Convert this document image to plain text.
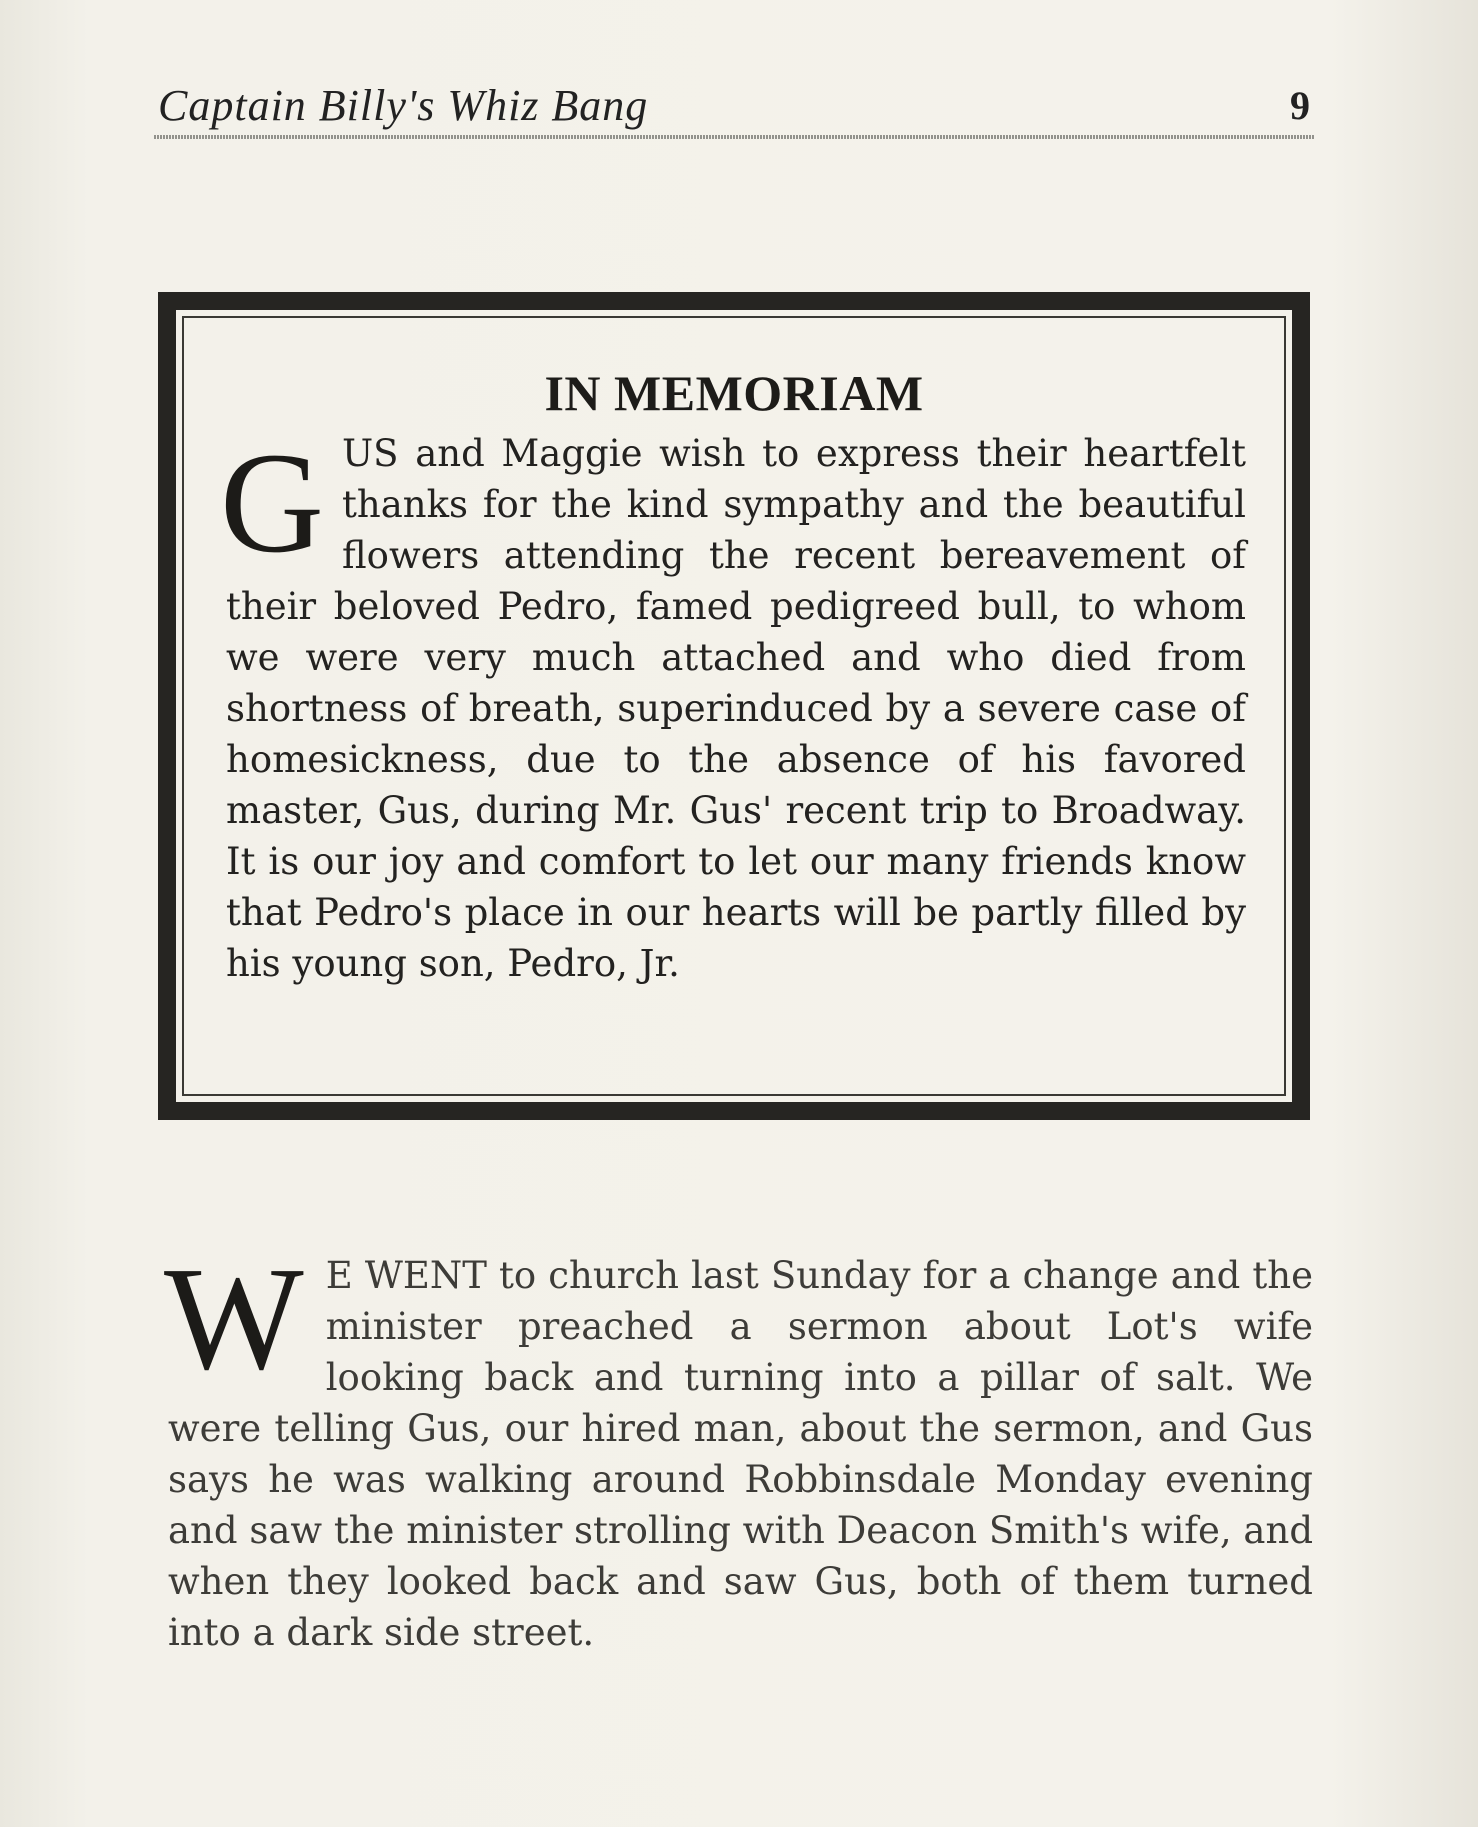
Captain Billy's Whiz Bang	9
IN MEMORIAM
GUS and Maggie wish to express their heartfelt thanks for the kind sympathy and the beautiful flowers attending the recent bereavement of their beloved Pedro, famed pedigreed bull, to whom we were very much attached and who died from shortness of breath, superinduced by a severe case of homesickness, due to the absence of his favored master, Gus, during Mr. Gus' recent trip to Broadway. It is our joy and comfort to let our many friends know that Pedro's place in our hearts will be partly filled by his young son, Pedro, Jr.
W E WENT to church last Sunday for a change and the minister preached a sermon about Lot's wife looking back and turning into a pillar of salt. We were telling Gus, our hired man, about the sermon, and Gus says he was walking around Robbinsdale Monday evening and saw the minister strolling with Deacon Smith's wife, and when they looked back and saw Gus, both of them turned into a dark side street.
